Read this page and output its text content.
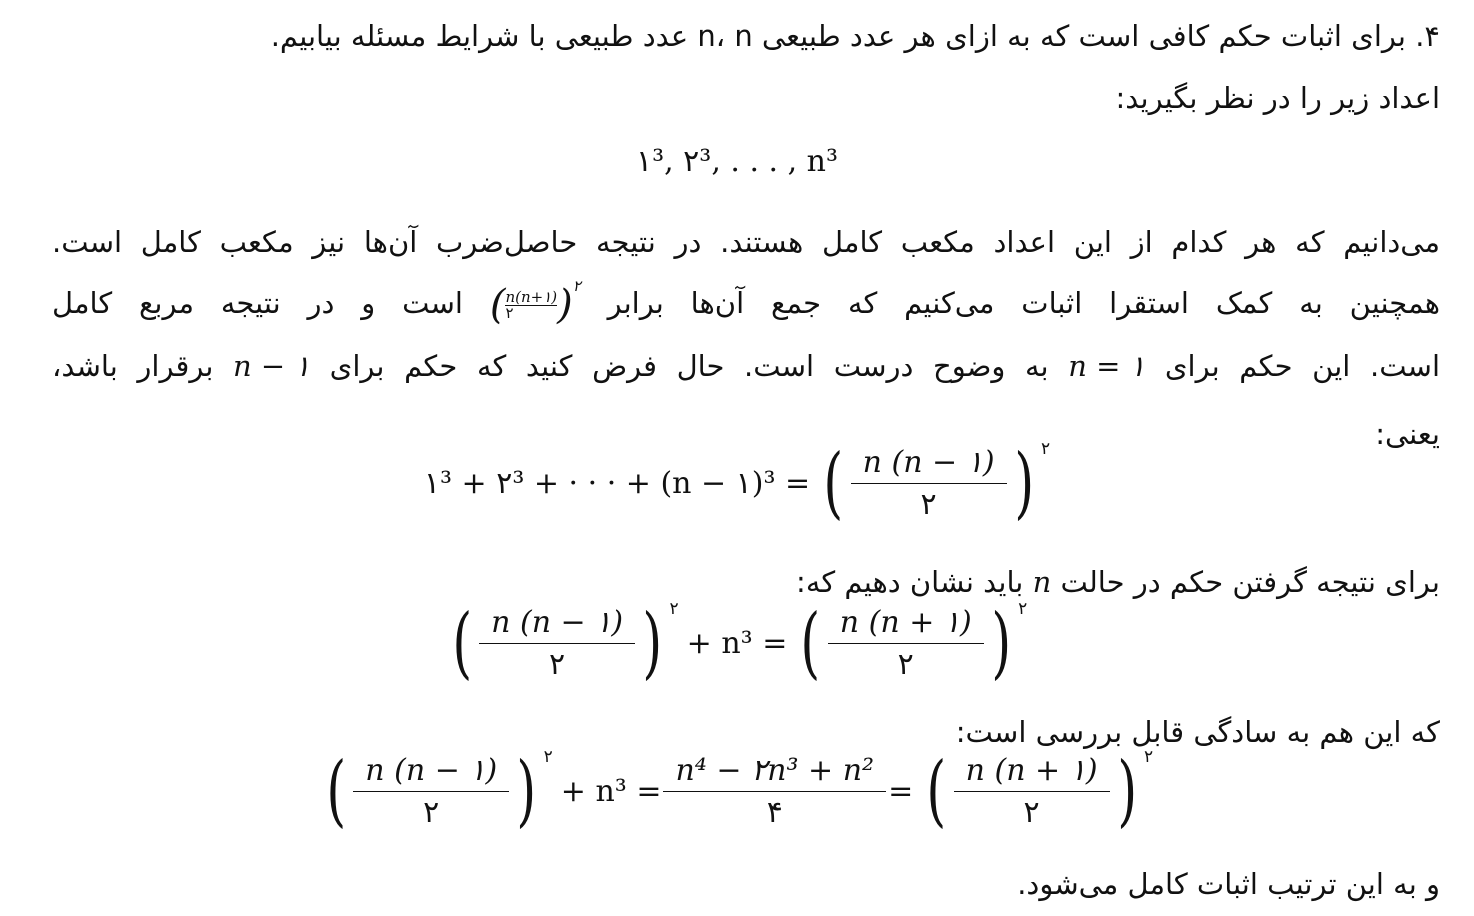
۴. برای اثبات حکم کافی است که به ازای هر عدد طبیعی n، n عدد طبیعی با شرایط مسئله بیابیم.
اعداد زیر را در نظر بگیرید:
۱³, ۲³, . . . , n³
می‌دانیم که هر کدام از این اعداد مکعب کامل هستند. در نتیجه حاصل‌ضرب آن‌ها نیز مکعب کامل است.
همچنین به کمک استقرا اثبات می‌کنیم که جمع آن‌ها برابر ( n(n+۱)
۲	)$^۲$ است و در نتیجه مربع کامل
است. این حکم برای n = ۱ به وضوح درست است. حال فرض کنید که حکم برای n − ۱ برقرار باشد،
یعنی:
۱³ + ۲³ + · · · + (n − ۱)³ = ( $\frac{n (n - ۱)}{۲}$ ) ۲
برای نتیجه گرفتن حکم در حالت n باید نشان دهیم که:
( $\frac{n (n - ۱)}{۲}$ ) ۲
+ n³ = ( $\frac{n (n + ۱)}{۲}$ ) ۲
که این هم به سادگی قابل بررسی است:
( $\frac{n (n - ۱)}{۲}$ ) ۲
+ $n^3 = \frac{\text{n⁴ − ۲n³ + n²}}{۴}$ = ( $\frac{n (n + ۱)}{۲}$ ) ۲
و به این ترتیب اثبات کامل می‌شود.
